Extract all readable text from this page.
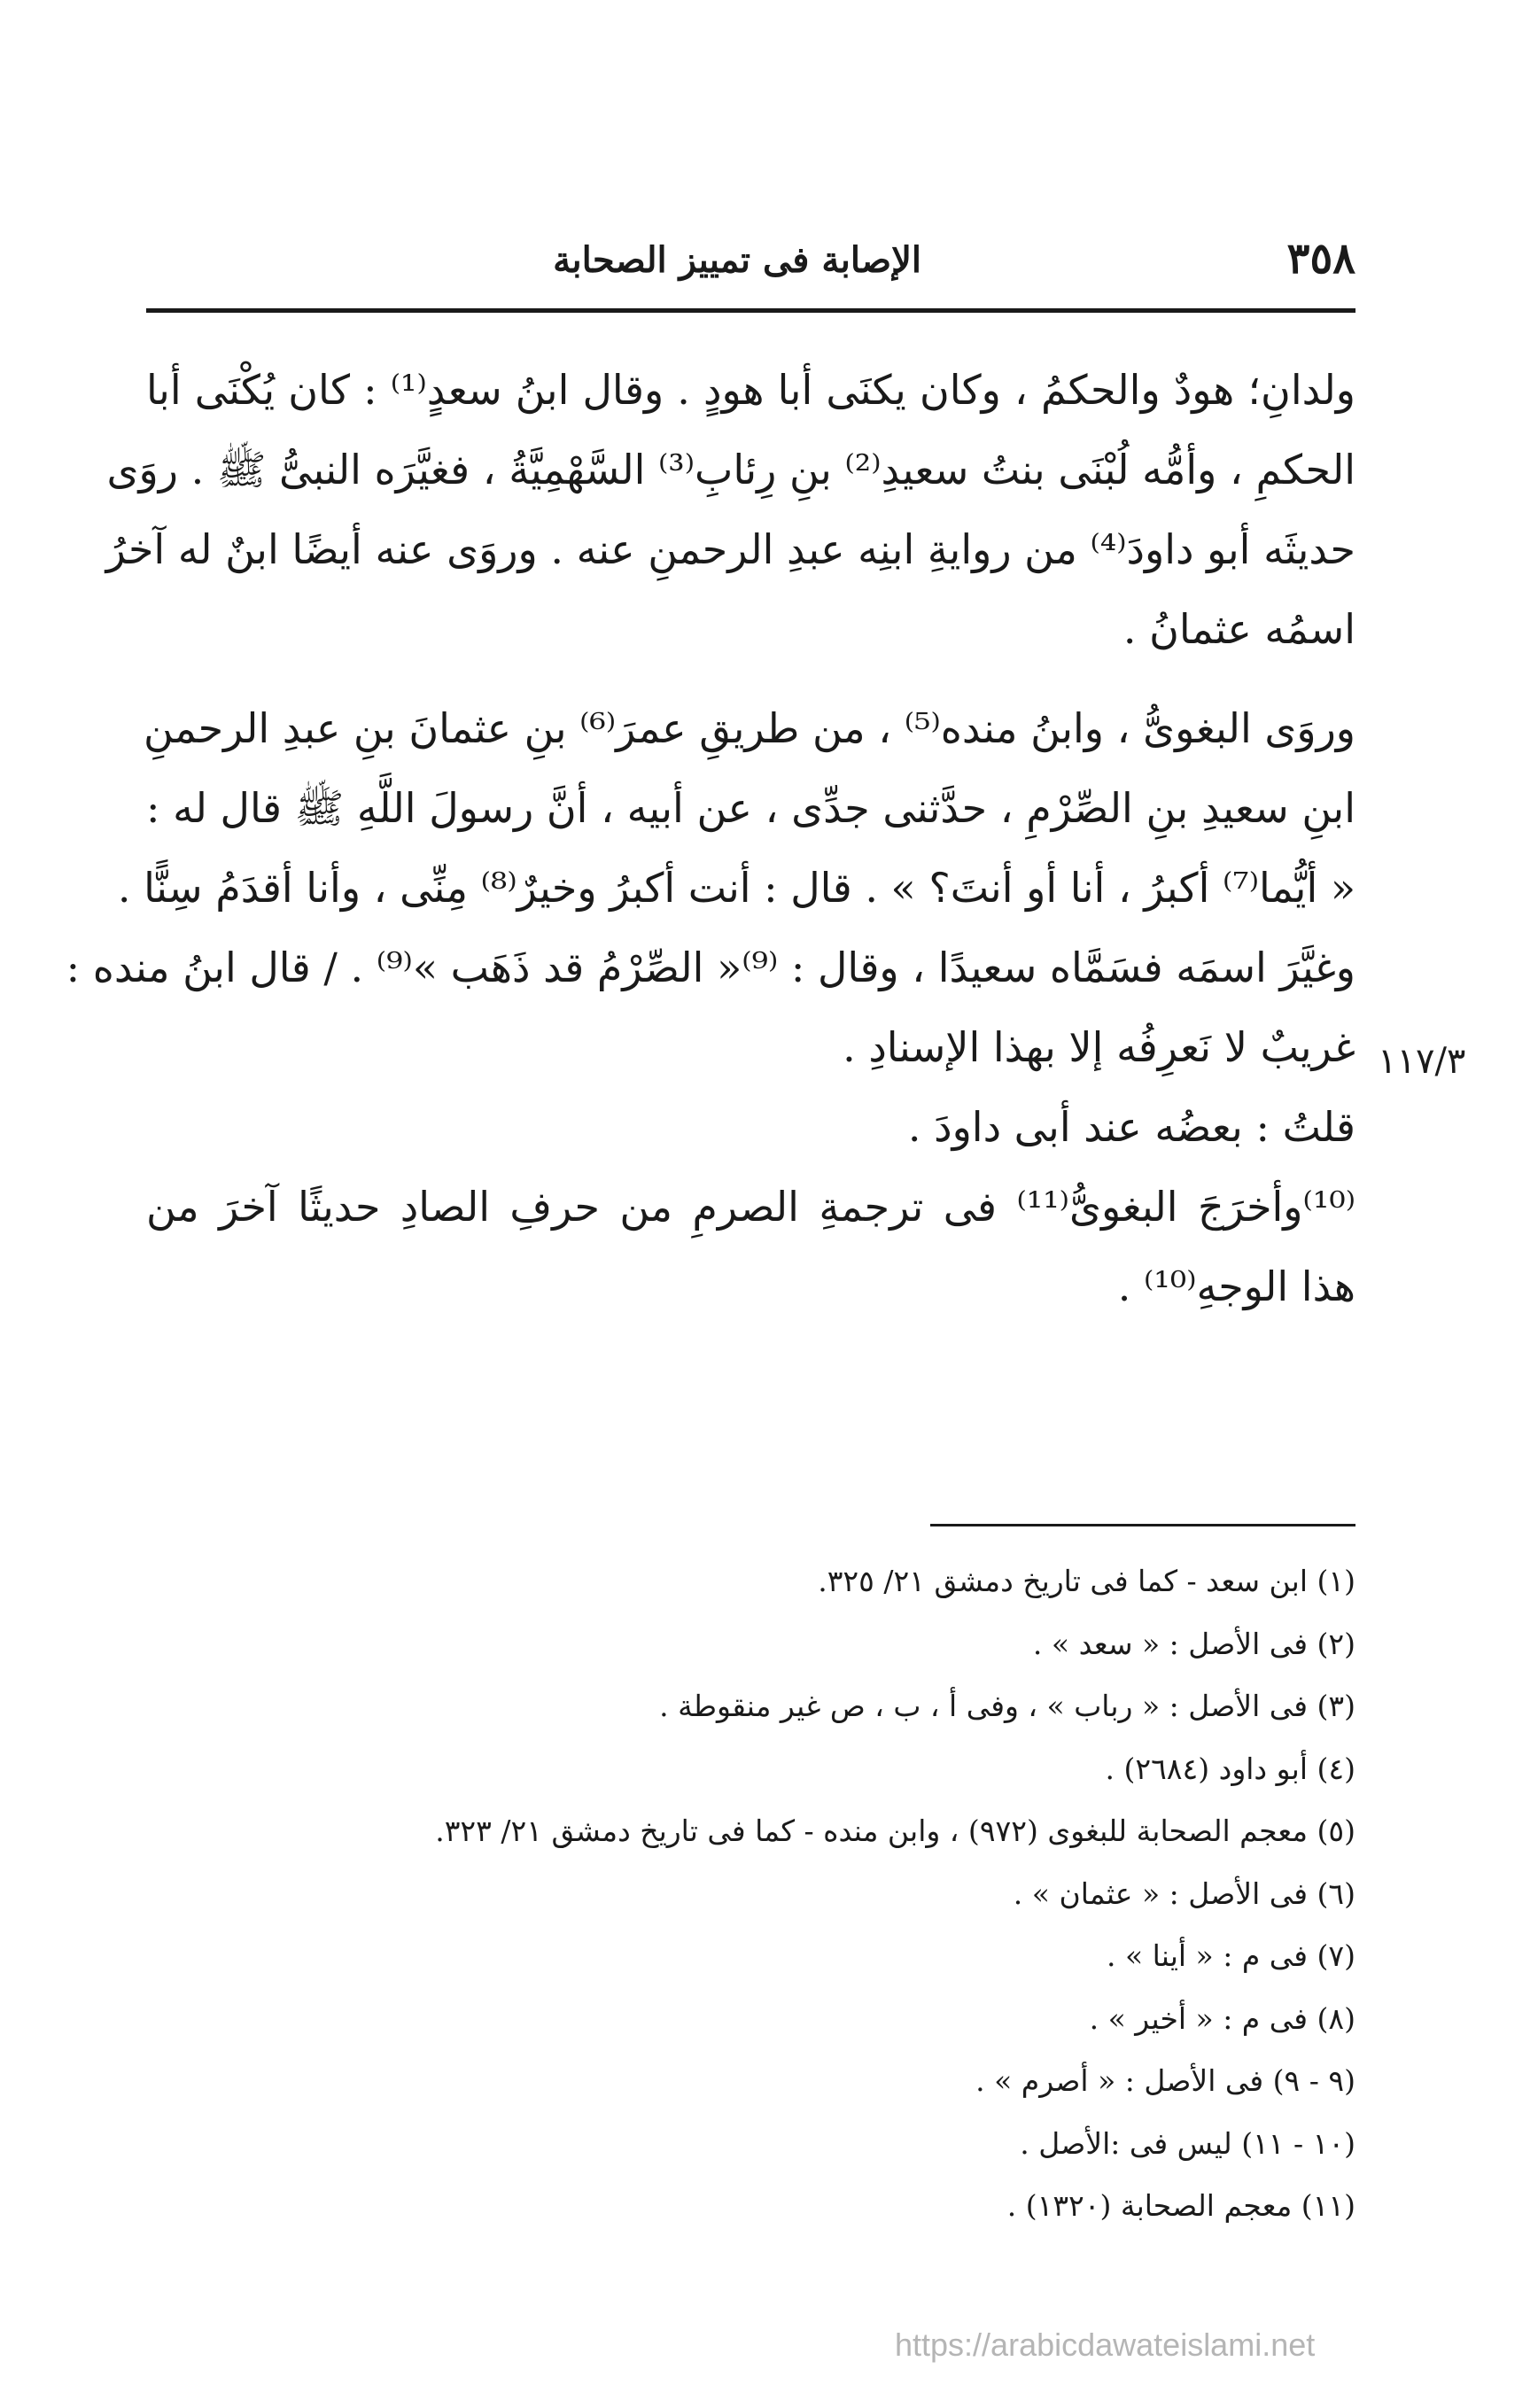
٣٥٨
الإصابة فى تمييز الصحابة
ولدانِ؛ هودٌ والحكمُ ، وكان يكنَى أبا هودٍ . وقال ابنُ سعدٍ⁽¹⁾ : كان يُكْنَى أبا
الحكمِ ، وأمُّه لُبْنَى بنتُ سعيدِ⁽²⁾ بنِ رِئابِ⁽³⁾ السَّهْمِيَّةُ ، فغيَّرَه النبىُّ ﷺ . روَى
حديثَه أبو داودَ⁽⁴⁾ من روايةِ ابنِه عبدِ الرحمنِ عنه . وروَى عنه أيضًا ابنٌ له آخرُ
اسمُه عثمانُ .
وروَى البغوىُّ ، وابنُ منده⁽⁵⁾ ، من طريقِ عمرَ⁽⁶⁾ بنِ عثمانَ بنِ عبدِ الرحمنِ
ابنِ سعيدِ بنِ الصِّرْمِ ، حدَّثنى جدِّى ، عن أبيه ، أنَّ رسولَ اللَّهِ ﷺ قال له :
« أيُّما⁽⁷⁾ أكبرُ ، أنا أو أنتَ؟ » . قال : أنت أكبرُ وخيرٌ⁽⁸⁾ مِنِّى ، وأنا أقدَمُ سِنًّا .
وغيَّرَ اسمَه فسَمَّاه سعيدًا ، وقال : ⁽⁹⁾« الصِّرْمُ قد ذَهَب »⁽⁹⁾ . / قال ابنُ منده :
غريبٌ لا نَعرِفُه إلا بهذا الإسنادِ .
قلتُ : بعضُه عند أبى داودَ .
⁽¹⁰⁾وأخرَجَ البغوىُّ⁽¹¹⁾ فى ترجمةِ الصرمِ من حرفِ الصادِ حديثًا آخرَ من
هذا الوجهِ⁽¹⁰⁾ .
١١٧/٣
(١) ابن سعد - كما فى تاريخ دمشق ٢١/ ٣٢٥.
(٢) فى الأصل : « سعد » .
(٣) فى الأصل : « رباب » ، وفى أ ، ب ، ص غير منقوطة .
(٤) أبو داود (٢٦٨٤) .
(٥) معجم الصحابة للبغوى (٩٧٢) ، وابن منده - كما فى تاريخ دمشق ٢١/ ٣٢٣.
(٦) فى الأصل : « عثمان » .
(٧) فى م : « أينا » .
(٨) فى م : « أخير » .
(٩ - ٩) فى الأصل : « أصرم » .
(١٠ - ١١) ليس فى :الأصل .
(١١) معجم الصحابة (١٣٢٠) .
https://arabicdawateislami.net
